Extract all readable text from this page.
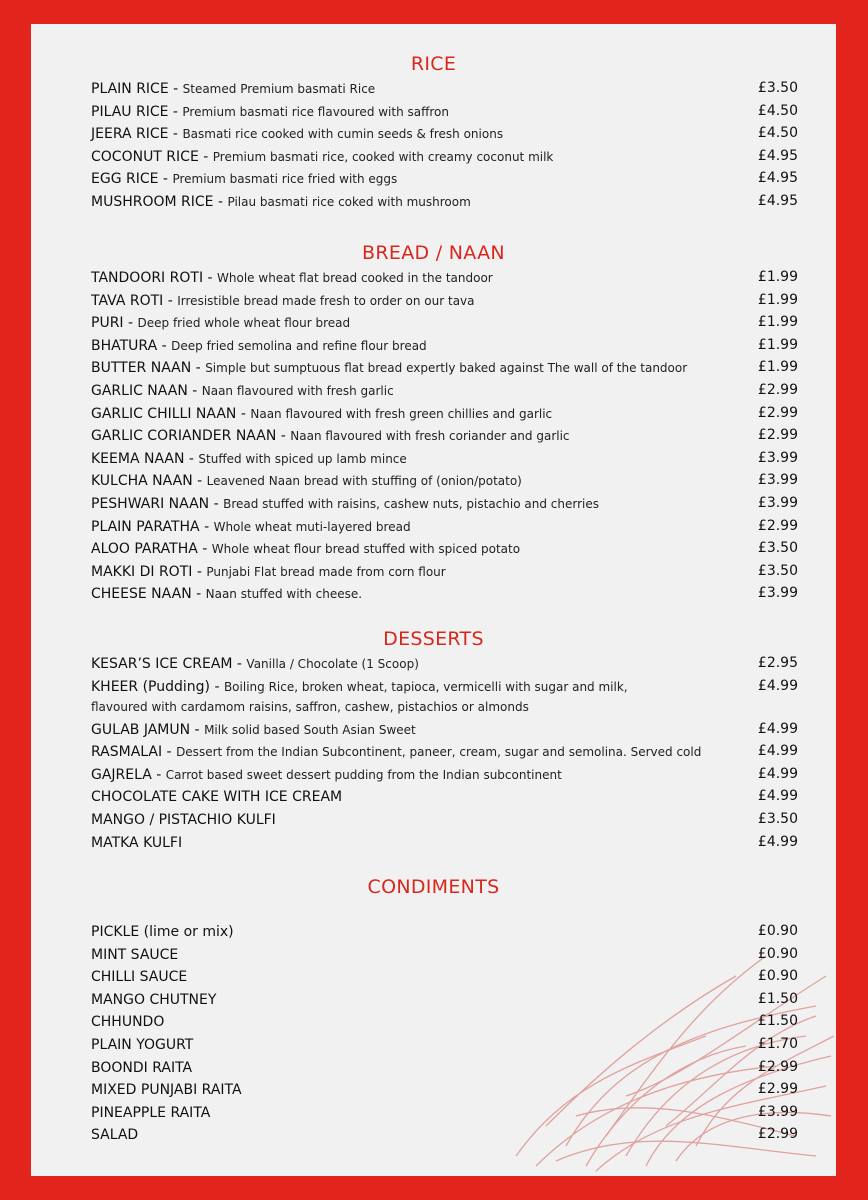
RICE
PLAIN RICE - Steamed Premium basmati Rice	£3.50
PILAU RICE - Premium basmati rice flavoured with saffron	£4.50
JEERA RICE - Basmati rice cooked with cumin seeds & fresh onions	£4.50
COCONUT RICE - Premium basmati rice, cooked with creamy coconut milk	£4.95
EGG RICE - Premium basmati rice fried with eggs	£4.95
MUSHROOM RICE - Pilau basmati rice coked with mushroom	£4.95
BREAD / NAAN
TANDOORI ROTI - Whole wheat flat bread cooked in the tandoor	£1.99
TAVA ROTI - Irresistible bread made fresh to order on our tava	£1.99
PURI - Deep fried whole wheat flour bread	£1.99
BHATURA - Deep fried semolina and refine flour bread	£1.99
BUTTER NAAN - Simple but sumptuous flat bread expertly baked against The wall of the tandoor	£1.99
GARLIC NAAN - Naan flavoured with fresh garlic	£2.99
GARLIC CHILLI NAAN - Naan flavoured with fresh green chillies and garlic	£2.99
GARLIC CORIANDER NAAN - Naan flavoured with fresh coriander and garlic	£2.99
KEEMA NAAN - Stuffed with spiced up lamb mince	£3.99
KULCHA NAAN - Leavened Naan bread with stuffing of (onion/potato)	£3.99
PESHWARI NAAN - Bread stuffed with raisins, cashew nuts, pistachio and cherries	£3.99
PLAIN PARATHA - Whole wheat muti-layered bread	£2.99
ALOO PARATHA - Whole wheat flour bread stuffed with spiced potato	£3.50
MAKKI DI ROTI - Punjabi Flat bread made from corn flour	£3.50
CHEESE NAAN - Naan stuffed with cheese.	£3.99
DESSERTS
KESAR’S ICE CREAM - Vanilla / Chocolate (1 Scoop)	£2.95
KHEER (Pudding) - Boiling Rice, broken wheat, tapioca, vermicelli with sugar and milk,
flavoured with cardamom raisins, saffron, cashew, pistachios or almonds
£4.99
GULAB JAMUN - Milk solid based South Asian Sweet	£4.99
RASMALAI - Dessert from the Indian Subcontinent, paneer, cream, sugar and semolina. Served cold	£4.99
GAJRELA - Carrot based sweet dessert pudding from the Indian subcontinent	£4.99
CHOCOLATE CAKE WITH ICE CREAM	£4.99
MANGO / PISTACHIO KULFI	£3.50
MATKA KULFI	£4.99
CONDIMENTS
PICKLE (lime or mix)	£0.90
MINT SAUCE	£0.90
CHILLI SAUCE	£0.90
MANGO CHUTNEY	£1.50
CHHUNDO	£1.50
PLAIN YOGURT	£1.70
BOONDI RAITA	£2.99
MIXED PUNJABI RAITA	£2.99
PINEAPPLE RAITA	£3.99
SALAD	£2.99
